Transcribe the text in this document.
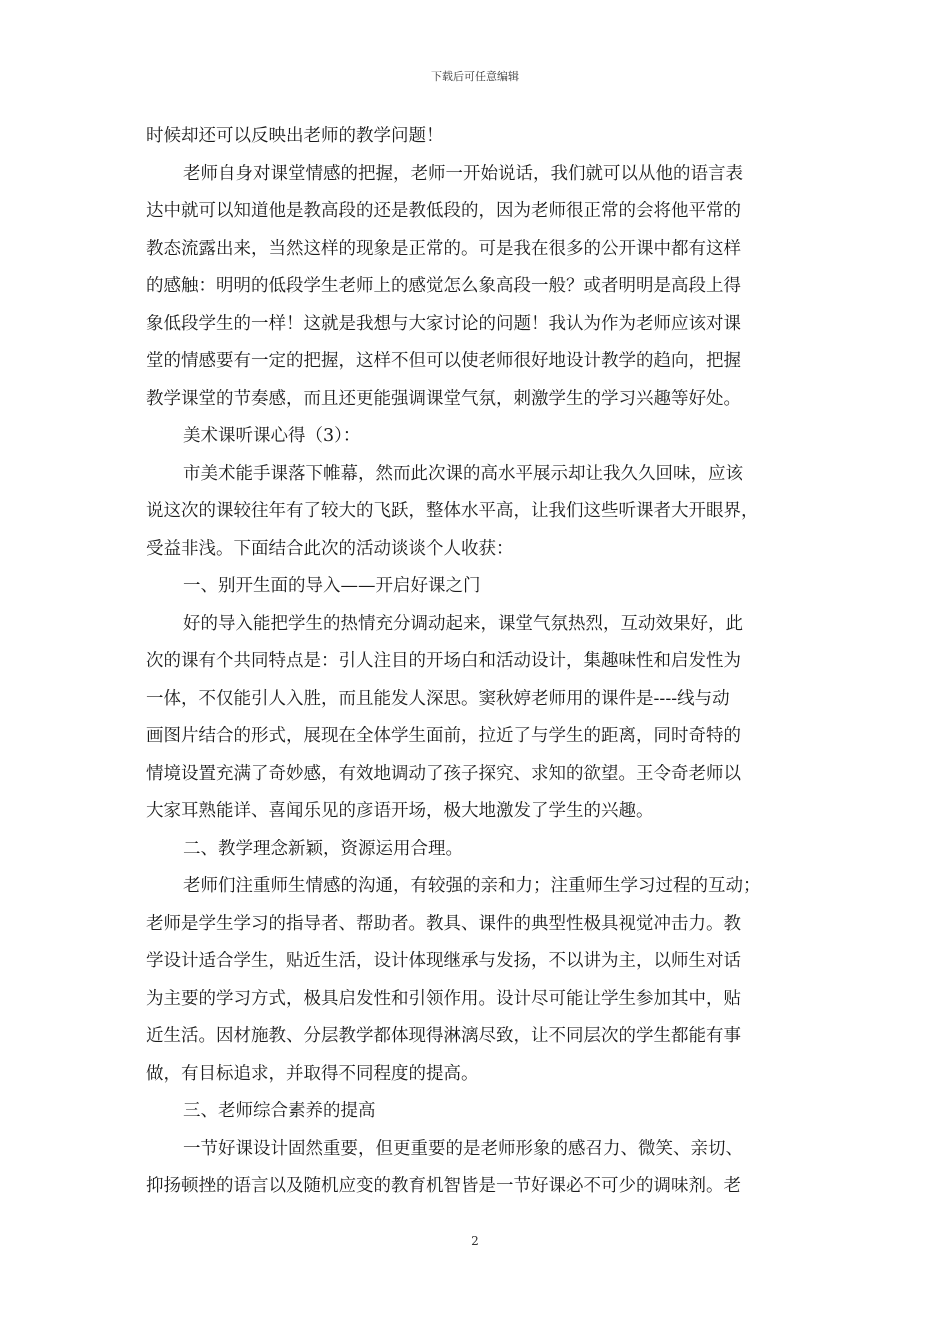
下载后可任意编辑
时候却还可以反映出老师的教学问题！
老师自身对课堂情感的把握，老师一开始说话，我们就可以从他的语言表
达中就可以知道他是教高段的还是教低段的，因为老师很正常的会将他平常的
教态流露出来，当然这样的现象是正常的。可是我在很多的公开课中都有这样
的感触：明明的低段学生老师上的感觉怎么象高段一般？或者明明是高段上得
象低段学生的一样！这就是我想与大家讨论的问题！我认为作为老师应该对课
堂的情感要有一定的把握，这样不但可以使老师很好地设计教学的趋向，把握
教学课堂的节奏感，而且还更能强调课堂气氛，刺激学生的学习兴趣等好处。
美术课听课心得（3）：
市美术能手课落下帷幕，然而此次课的高水平展示却让我久久回味，应该
说这次的课较往年有了较大的飞跃，整体水平高，让我们这些听课者大开眼界，
受益非浅。下面结合此次的活动谈谈个人收获：
一、别开生面的导入——开启好课之门
好的导入能把学生的热情充分调动起来，课堂气氛热烈，互动效果好，此
次的课有个共同特点是：引人注目的开场白和活动设计，集趣味性和启发性为
一体，不仅能引人入胜，而且能发人深思。窦秋婷老师用的课件是----线与动
画图片结合的形式，展现在全体学生面前，拉近了与学生的距离，同时奇特的
情境设置充满了奇妙感，有效地调动了孩子探究、求知的欲望。王令奇老师以
大家耳熟能详、喜闻乐见的彦语开场，极大地激发了学生的兴趣。
二、教学理念新颖，资源运用合理。
老师们注重师生情感的沟通，有较强的亲和力；注重师生学习过程的互动；
老师是学生学习的指导者、帮助者。教具、课件的典型性极具视觉冲击力。教
学设计适合学生，贴近生活，设计体现继承与发扬，不以讲为主，以师生对话
为主要的学习方式，极具启发性和引领作用。设计尽可能让学生参加其中，贴
近生活。因材施教、分层教学都体现得淋漓尽致，让不同层次的学生都能有事
做，有目标追求，并取得不同程度的提高。
三、老师综合素养的提高
一节好课设计固然重要，但更重要的是老师形象的感召力、微笑、亲切、
抑扬顿挫的语言以及随机应变的教育机智皆是一节好课必不可少的调味剂。老
2
